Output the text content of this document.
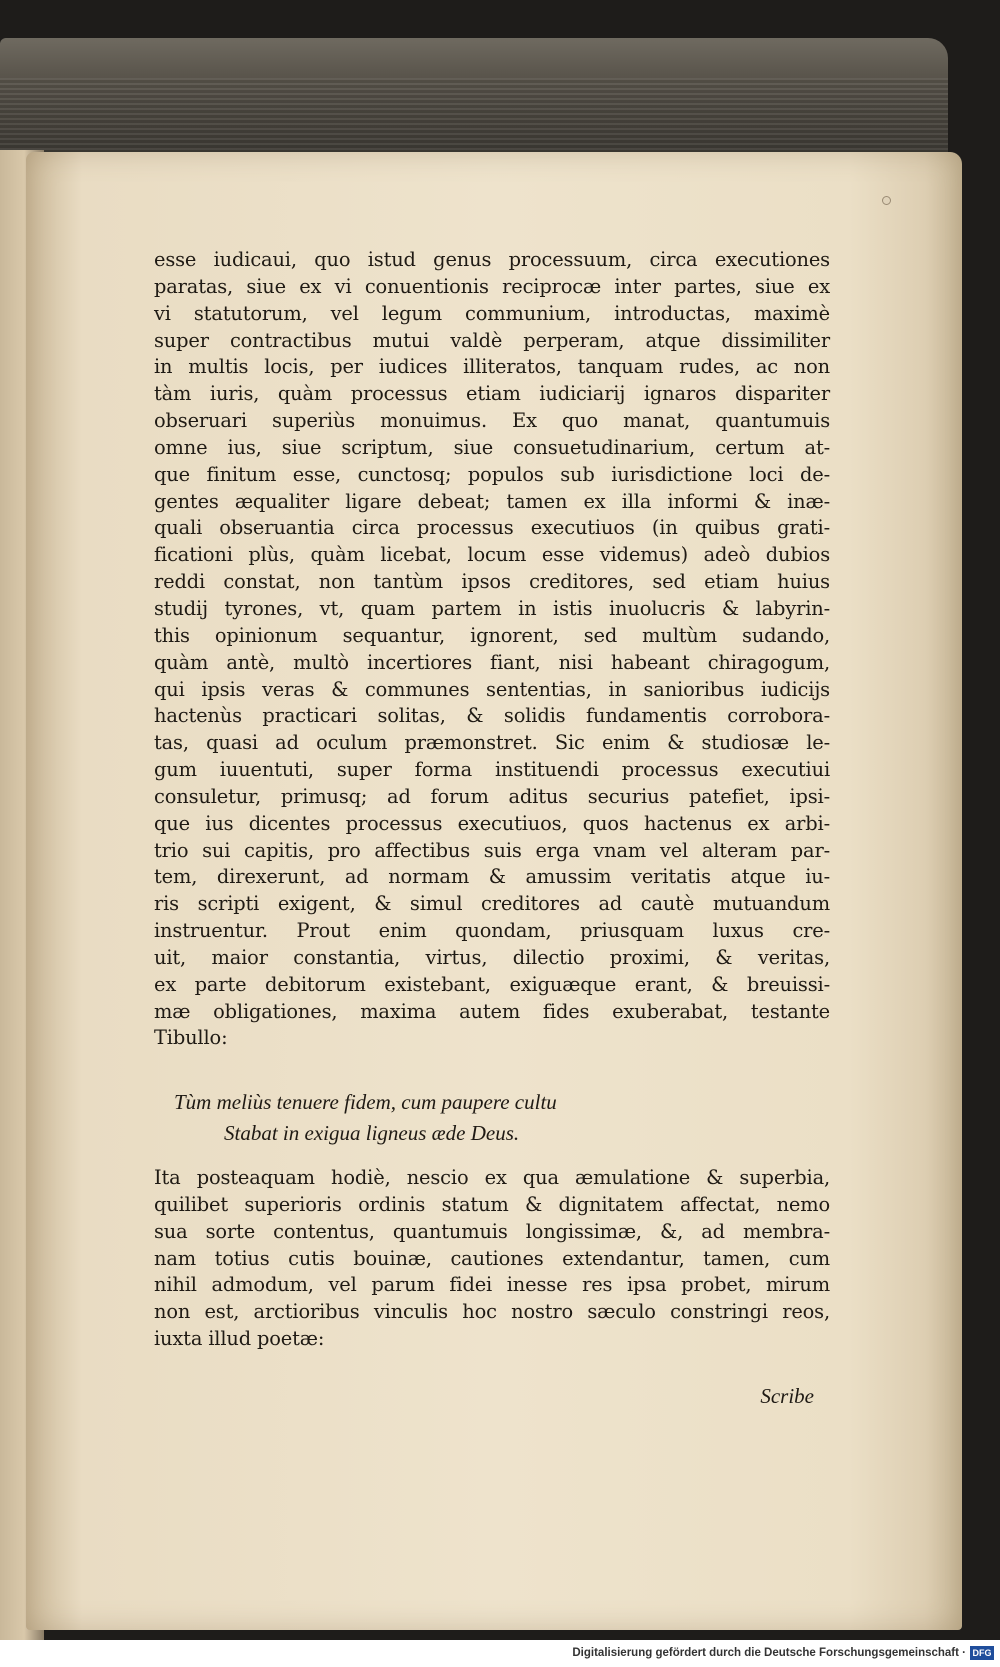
esse iudicaui, quo istud genus processuum, circa executiones
paratas, siue ex vi conuentionis reciprocæ inter partes, siue ex
vi statutorum, vel legum communium, introductas, maximè
super contractibus mutui valdè perperam, atque dissimiliter
in multis locis, per iudices illiteratos, tanquam rudes, ac non
tàm iuris, quàm processus etiam iudiciarij ignaros dispariter
obseruari superiùs monuimus. Ex quo manat, quantumuis
omne ius, siue scriptum, siue consuetudinarium, certum at-
que finitum esse, cunctosq; populos sub iurisdictione loci de-
gentes æqualiter ligare debeat; tamen ex illa informi & inæ-
quali obseruantia circa processus executiuos (in quibus grati-
ficationi plùs, quàm licebat, locum esse videmus) adeò dubios
reddi constat, non tantùm ipsos creditores, sed etiam huius
studij tyrones, vt, quam partem in istis inuolucris & labyrin-
this opinionum sequantur, ignorent, sed multùm sudando,
quàm antè, multò incertiores fiant, nisi habeant chiragogum,
qui ipsis veras & communes sententias, in sanioribus iudicijs
hactenùs practicari solitas, & solidis fundamentis corrobora-
tas, quasi ad oculum præmonstret. Sic enim & studiosæ le-
gum iuuentuti, super forma instituendi processus executiui
consuletur, primusq; ad forum aditus securius patefiet, ipsi-
que ius dicentes processus executiuos, quos hactenus ex arbi-
trio sui capitis, pro affectibus suis erga vnam vel alteram par-
tem, direxerunt, ad normam & amussim veritatis atque iu-
ris scripti exigent, & simul creditores ad cautè mutuandum
instruentur. Prout enim quondam, priusquam luxus cre-
uit, maior constantia, virtus, dilectio proximi, & veritas,
ex parte debitorum existebant, exiguæque erant, & breuissi-
mæ obligationes, maxima autem fides exuberabat, testante
Tibullo:
Tùm meliùs tenuere fidem, cum paupere cultu
Stabat in exigua ligneus æde Deus.
Ita posteaquam hodiè, nescio ex qua æmulatione & superbia,
quilibet superioris ordinis statum & dignitatem affectat, nemo
sua sorte contentus, quantumuis longissimæ, &, ad membra-
nam totius cutis bouinæ, cautiones extendantur, tamen, cum
nihil admodum, vel parum fidei inesse res ipsa probet, mirum
non est, arctioribus vinculis hoc nostro sæculo constringi reos,
iuxta illud poetæ:
Scribe
Digitalisierung gefördert durch die Deutsche Forschungsgemeinschaft · DFG
